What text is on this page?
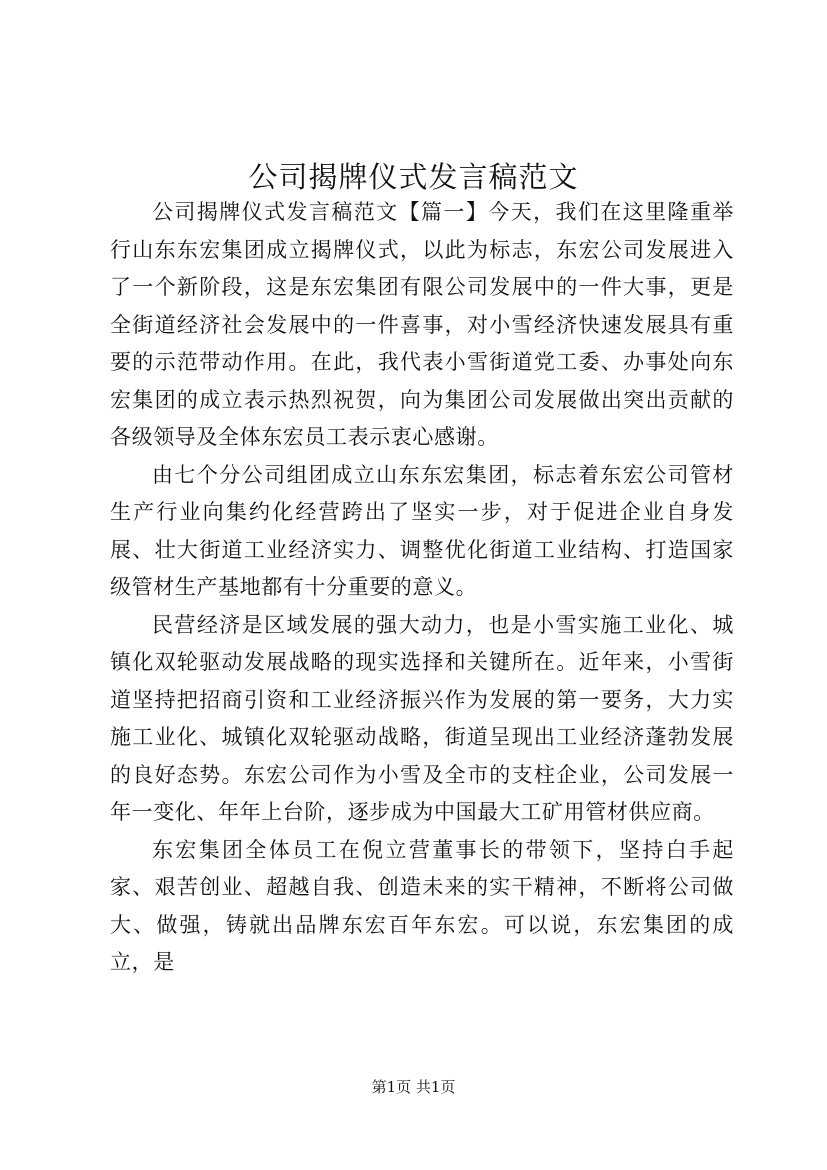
公司揭牌仪式发言稿范文

公司揭牌仪式发言稿范文【篇一】今天，我们在这里隆重举行山东东宏集团成立揭牌仪式，以此为标志，东宏公司发展进入了一个新阶段，这是东宏集团有限公司发展中的一件大事，更是全街道经济社会发展中的一件喜事，对小雪经济快速发展具有重要的示范带动作用。在此，我代表小雪街道党工委、办事处向东宏集团的成立表示热烈祝贺，向为集团公司发展做出突出贡献的各级领导及全体东宏员工表示衷心感谢。

由七个分公司组团成立山东东宏集团，标志着东宏公司管材生产行业向集约化经营跨出了坚实一步，对于促进企业自身发展、壮大街道工业经济实力、调整优化街道工业结构、打造国家级管材生产基地都有十分重要的意义。

民营经济是区域发展的强大动力，也是小雪实施工业化、城镇化双轮驱动发展战略的现实选择和关键所在。近年来，小雪街道坚持把招商引资和工业经济振兴作为发展的第一要务，大力实施工业化、城镇化双轮驱动战略，街道呈现出工业经济蓬勃发展的良好态势。东宏公司作为小雪及全市的支柱企业，公司发展一年一变化、年年上台阶，逐步成为中国最大工矿用管材供应商。

东宏集团全体员工在倪立营董事长的带领下，坚持白手起家、艰苦创业、超越自我、创造未来的实干精神，不断将公司做大、做强，铸就出品牌东宏百年东宏。可以说，东宏集团的成立，是

第1页 共1页
